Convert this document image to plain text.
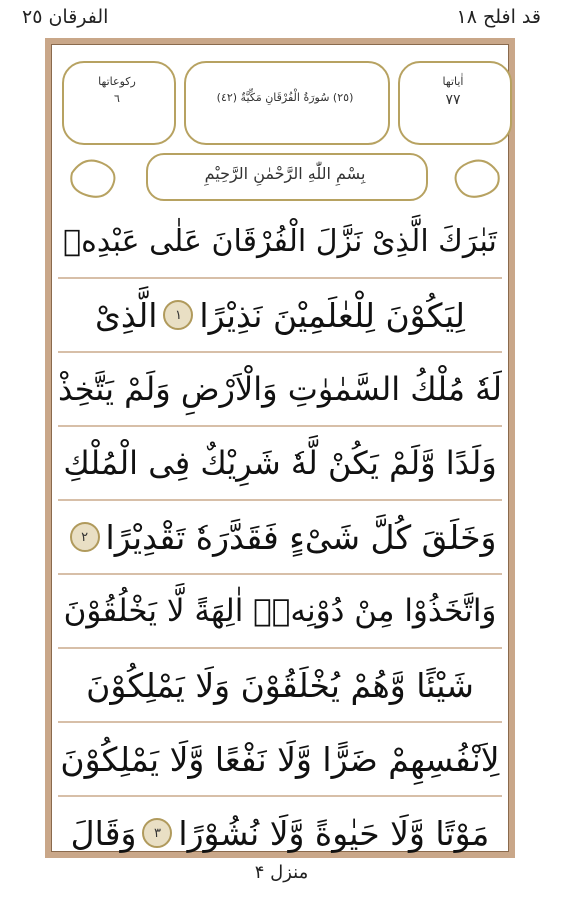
الفرقان ٢٥	قد افلح ١٨
رکوعاتها
٦	(٢٥) سُورَةُ الْفُرْقَانِ مَكِّيَّةٌ (٤٢)
اٰیاتها
٧٧
بِسْمِ اللّٰهِ الرَّحْمٰنِ الرَّحِيْمِ
تَبٰرَكَ الَّذِیْ نَزَّلَ الْفُرْقَانَ عَلٰی عَبْدِهٖ
لِیَكُوْنَ لِلْعٰلَمِیْنَ نَذِیْرًا
١
الَّذِیْ
لَهٗ مُلْكُ السَّمٰوٰتِ وَالْاَرْضِ وَلَمْ یَتَّخِذْ
وَلَدًا وَّلَمْ یَكُنْ لَّهٗ شَرِیْكٌ فِی الْمُلْكِ
وَخَلَقَ كُلَّ شَیْءٍ فَقَدَّرَهٗ تَقْدِیْرًا
٢
وَاتَّخَذُوْا مِنْ دُوْنِهٖۤ اٰلِهَةً لَّا یَخْلُقُوْنَ
شَیْئًا وَّهُمْ یُخْلَقُوْنَ وَلَا یَمْلِكُوْنَ
لِاَنْفُسِهِمْ ضَرًّا وَّلَا نَفْعًا وَّلَا یَمْلِكُوْنَ
مَوْتًا وَّلَا حَیٰوةً وَّلَا نُشُوْرًا
٣
وَقَالَ
منزل ۴
